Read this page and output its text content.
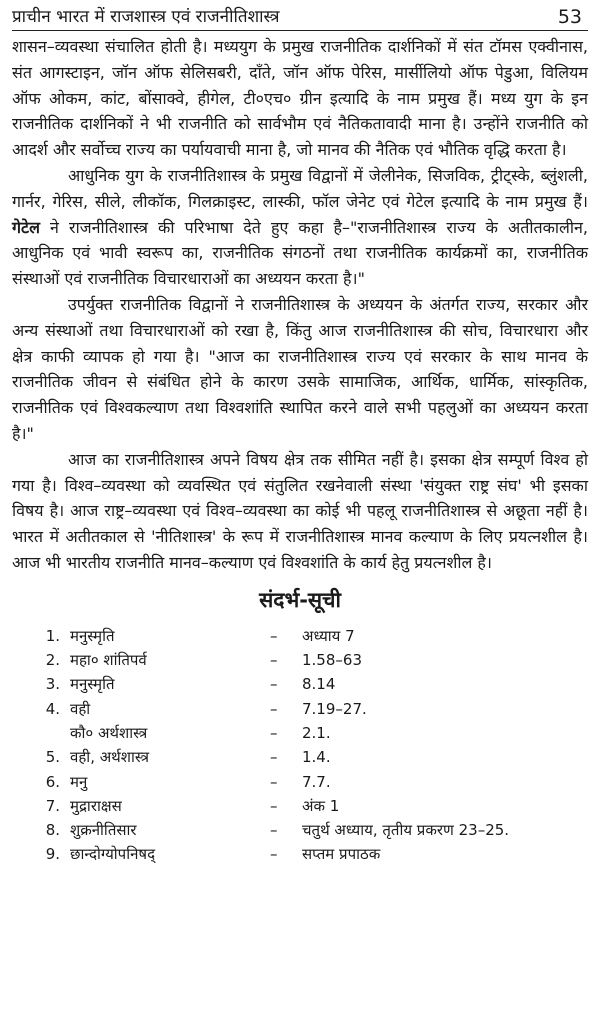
प्राचीन भारत में राजशास्त्र एवं राजनीतिशास्त्र	53

शासन–व्यवस्था संचालित होती है। मध्ययुग के प्रमुख राजनीतिक दार्शनिकों में संत टॉमस एक्वीनास, संत आगस्टाइन, जॉन ऑफ सेलिसबरी, दाँते, जॉन ऑफ पेरिस, मार्सीलियो ऑफ पेडुआ, विलियम ऑफ ओकम, कांट, बोंसाक्वे, हीगेल, टी०एच० ग्रीन इत्यादि के नाम प्रमुख हैं। मध्य युग के इन राजनीतिक दार्शनिकों ने भी राजनीति को सार्वभौम एवं नैतिकतावादी माना है। उन्होंने राजनीति को आदर्श और सर्वोच्च राज्य का पर्यायवाची माना है, जो मानव की नैतिक एवं भौतिक वृद्धि करता है।

आधुनिक युग के राजनीतिशास्त्र के प्रमुख विद्वानों में जेलीनेक, सिजविक, ट्रीट्स्के, ब्लुंशली, गार्नर, गेरिस, सीले, लीकॉक, गिलक्राइस्ट, लास्की, फॉल जेनेट एवं गेटेल इत्यादि के नाम प्रमुख हैं। गेटेल ने राजनीतिशास्त्र की परिभाषा देते हुए कहा है–"राजनीतिशास्त्र राज्य के अतीतकालीन, आधुनिक एवं भावी स्वरूप का, राजनीतिक संगठनों तथा राजनीतिक कार्यक्रमों का, राजनीतिक संस्थाओं एवं राजनीतिक विचारधाराओं का अध्ययन करता है।"

उपर्युक्त राजनीतिक विद्वानों ने राजनीतिशास्त्र के अध्ययन के अंतर्गत राज्य, सरकार और अन्य संस्थाओं तथा विचारधाराओं को रखा है, किंतु आज राजनीतिशास्त्र की सोच, विचारधारा और क्षेत्र काफी व्यापक हो गया है। "आज का राजनीतिशास्त्र राज्य एवं सरकार के साथ मानव के राजनीतिक जीवन से संबंधित होने के कारण उसके सामाजिक, आर्थिक, धार्मिक, सांस्कृतिक, राजनीतिक एवं विश्वकल्याण तथा विश्वशांति स्थापित करने वाले सभी पहलुओं का अध्ययन करता है।"

आज का राजनीतिशास्त्र अपने विषय क्षेत्र तक सीमित नहीं है। इसका क्षेत्र सम्पूर्ण विश्व हो गया है। विश्व–व्यवस्था को व्यवस्थित एवं संतुलित रखनेवाली संस्था 'संयुक्त राष्ट्र संघ' भी इसका विषय है। आज राष्ट्र–व्यवस्था एवं विश्व–व्यवस्था का कोई भी पहलू राजनीतिशास्त्र से अछूता नहीं है। भारत में अतीतकाल से 'नीतिशास्त्र' के रूप में राजनीतिशास्त्र मानव कल्याण के लिए प्रयत्नशील है। आज भी भारतीय राजनीति मानव–कल्याण एवं विश्वशांति के कार्य हेतु प्रयत्नशील है।

संदर्भ-सूची
1. मनुस्मृति	–	अध्याय 7
2. महा० शांतिपर्व	–	1.58–63
3. मनुस्मृति	–	8.14
4. वही	–	7.19–27.
कौ० अर्थशास्त्र	–	2.1.
5. वही, अर्थशास्त्र	–	1.4.
6. मनु	–	7.7.
7. मुद्राराक्षस	–	अंक 1
8. शुक्रनीतिसार	–	चतुर्थ अध्याय, तृतीय प्रकरण 23–25.
9. छान्दोग्योपनिषद्	–	सप्तम प्रपाठक
